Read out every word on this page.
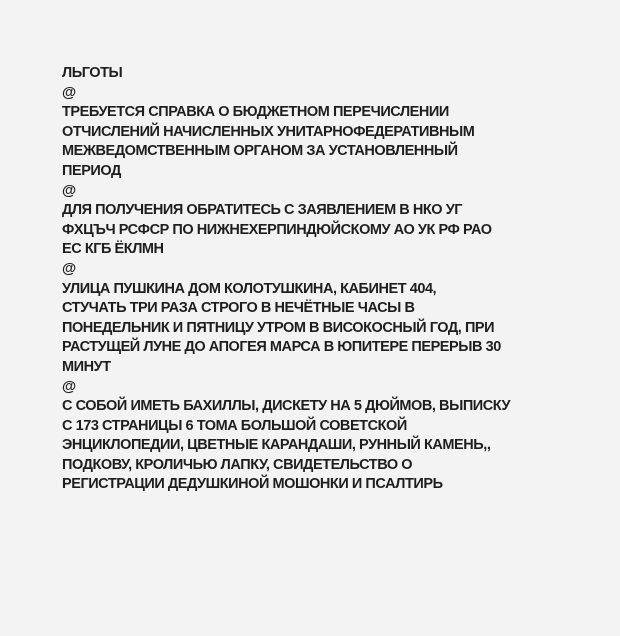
ЛЬГОТЫ
@
ТРЕБУЕТСЯ СПРАВКА О БЮДЖЕТНОМ ПЕРЕЧИСЛЕНИИ
ОТЧИСЛЕНИЙ НАЧИСЛЕННЫХ УНИТАРНОФЕДЕРАТИВНЫМ
МЕЖВЕДОМСТВЕННЫМ ОРГАНОМ ЗА УСТАНОВЛЕННЫЙ
ПЕРИОД
@
ДЛЯ ПОЛУЧЕНИЯ ОБРАТИТЕСЬ С ЗАЯВЛЕНИЕМ В НКО УГ
ФХЦЪЧ РСФСР ПО НИЖНЕХЕРПИНДЮЙСКОМУ АО УК РФ РАО
ЕС КГБ ЁКЛМН
@
УЛИЦА ПУШКИНА ДОМ КОЛОТУШКИНА, КАБИНЕТ 404,
СТУЧАТЬ ТРИ РАЗА СТРОГО В НЕЧЁТНЫЕ ЧАСЫ В
ПОНЕДЕЛЬНИК И ПЯТНИЦУ УТРОМ В ВИСОКОСНЫЙ ГОД, ПРИ
РАСТУЩЕЙ ЛУНЕ ДО АПОГЕЯ МАРСА В ЮПИТЕРЕ ПЕРЕРЫВ 30
МИНУТ
@
С СОБОЙ ИМЕТЬ БАХИЛЛЫ, ДИСКЕТУ НА 5 ДЮЙМОВ, ВЫПИСКУ
С 173 СТРАНИЦЫ 6 ТОМА БОЛЬШОЙ СОВЕТСКОЙ
ЭНЦИКЛОПЕДИИ, ЦВЕТНЫЕ КАРАНДАШИ, РУННЫЙ КАМЕНЬ,,
ПОДКОВУ, КРОЛИЧЬЮ ЛАПКУ, СВИДЕТЕЛЬСТВО О
РЕГИСТРАЦИИ ДЕДУШКИНОЙ МОШОНКИ И ПСАЛТИРЬ
